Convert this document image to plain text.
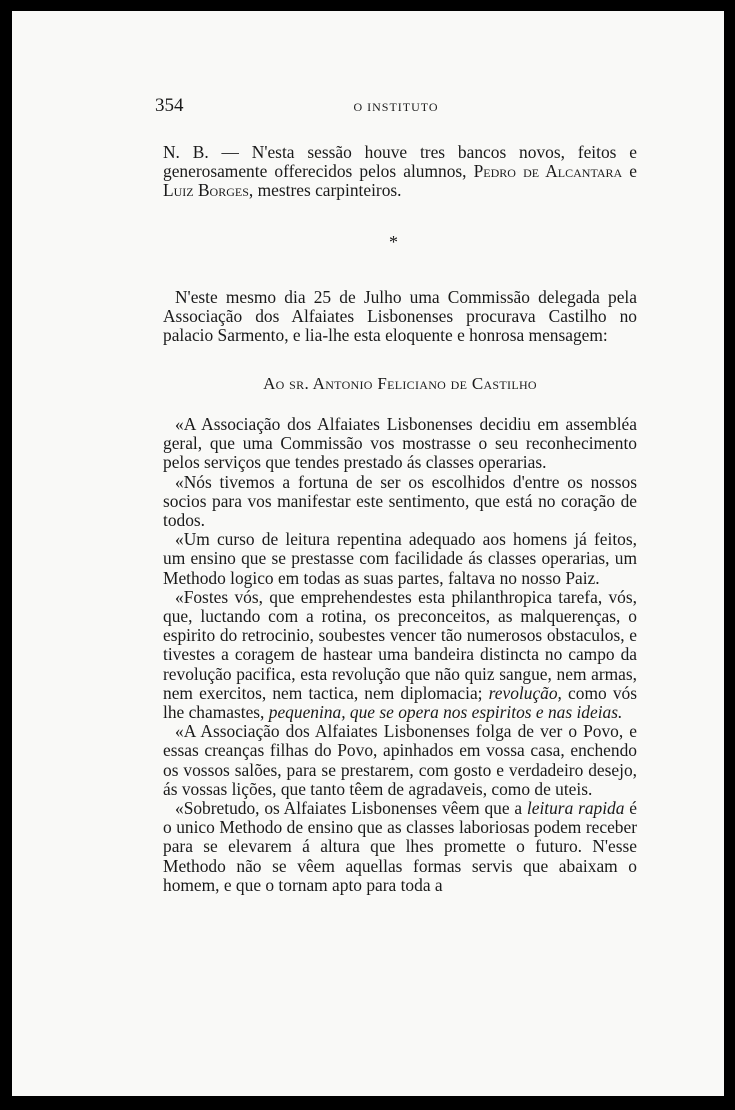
354	O INSTITUTO
N. B. — N'esta sessão houve tres bancos novos, feitos e generosamente offerecidos pelos alumnos, Pedro de Alcantara e Luiz Borges, mestres carpinteiros.
*
N'este mesmo dia 25 de Julho uma Commissão delegada pela Associação dos Alfaiates Lisbonenses procurava Castilho no palacio Sarmento, e lia-lhe esta eloquente e honrosa mensagem:
Ao sr. Antonio Feliciano de Castilho
«A Associação dos Alfaiates Lisbonenses decidiu em assembléa geral, que uma Commissão vos mostrasse o seu reconhecimento pelos serviços que tendes prestado ás classes operarias.
«Nós tivemos a fortuna de ser os escolhidos d'entre os nossos socios para vos manifestar este sentimento, que está no coração de todos.
«Um curso de leitura repentina adequado aos homens já feitos, um ensino que se prestasse com facilidade ás classes operarias, um Methodo logico em todas as suas partes, faltava no nosso Paiz.
«Fostes vós, que emprehendestes esta philanthropica tarefa, vós, que, luctando com a rotina, os preconceitos, as malquerenças, o espirito do retrocinio, soubestes vencer tão numerosos obstaculos, e tivestes a coragem de hastear uma bandeira distincta no campo da revolução pacifica, esta revolução que não quiz sangue, nem armas, nem exercitos, nem tactica, nem diplomacia; revolução, como vós lhe chamastes, pequenina, que se opera nos espiritos e nas ideias.
«A Associação dos Alfaiates Lisbonenses folga de ver o Povo, e essas creanças filhas do Povo, apinhados em vossa casa, enchendo os vossos salões, para se prestarem, com gosto e verdadeiro desejo, ás vossas lições, que tanto têem de agradaveis, como de uteis.
«Sobretudo, os Alfaiates Lisbonenses vêem que a leitura rapida é o unico Methodo de ensino que as classes laboriosas podem receber para se elevarem á altura que lhes promette o futuro. N'esse Methodo não se vêem aquellas formas servis que abaixam o homem, e que o tornam apto para toda a
